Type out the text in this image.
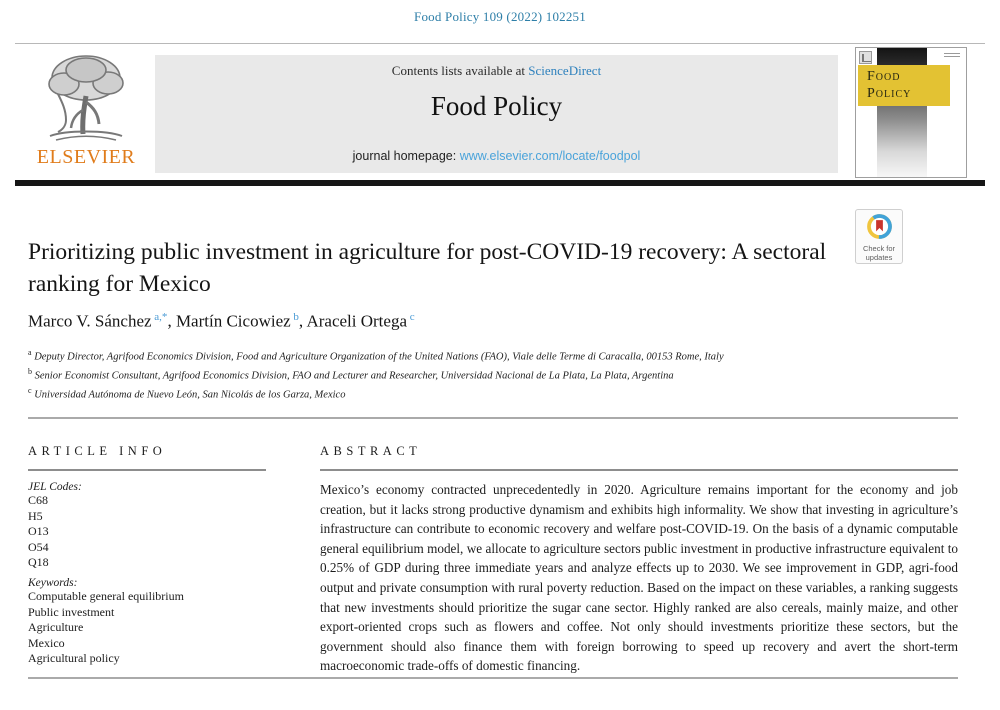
Food Policy 109 (2022) 102251
ELSEVIER
Contents lists available at ScienceDirect
Food Policy
journal homepage: www.elsevier.com/locate/foodpol
Food
Policy
Check for
updates
Prioritizing public investment in agriculture for post-COVID-19 recovery: A sectoral ranking for Mexico
Marco V. Sánchez $^{a,*}$, Martín Cicowiez $^b$, Araceli Ortega $^c$
$^a$ Deputy Director, Agrifood Economics Division, Food and Agriculture Organization of the United Nations (FAO), Viale delle Terme di Caracalla, 00153 Rome, Italy
$^b$ Senior Economist Consultant, Agrifood Economics Division, FAO and Lecturer and Researcher, Universidad Nacional de La Plata, La Plata, Argentina
$^c$ Universidad Autónoma de Nuevo León, San Nicolás de los Garza, Mexico
ARTICLE INFO
JEL Codes:
C68
H5
O13
O54
Q18
Keywords:
Computable general equilibrium
Public investment
Agriculture
Mexico
Agricultural policy
ABSTRACT
Mexico’s economy contracted unprecedentedly in 2020. Agriculture remains important for the economy and job creation, but it lacks strong productive dynamism and exhibits high informality. We show that investing in agriculture’s infrastructure can contribute to economic recovery and welfare post-COVID-19. On the basis of a dynamic computable general equilibrium model, we allocate to agriculture sectors public investment in productive infrastructure equivalent to 0.25% of GDP during three immediate years and analyze effects up to 2030. We see improvement in GDP, agri-food output and private consumption with rural poverty reduction. Based on the impact on these variables, a ranking suggests that new investments should prioritize the sugar cane sector. Highly ranked are also cereals, mainly maize, and other export-oriented crops such as flowers and coffee. Not only should investments prioritize these sectors, but the government should also finance them with foreign borrowing to speed up recovery and avert the short-term macroeconomic trade-offs of domestic financing.
